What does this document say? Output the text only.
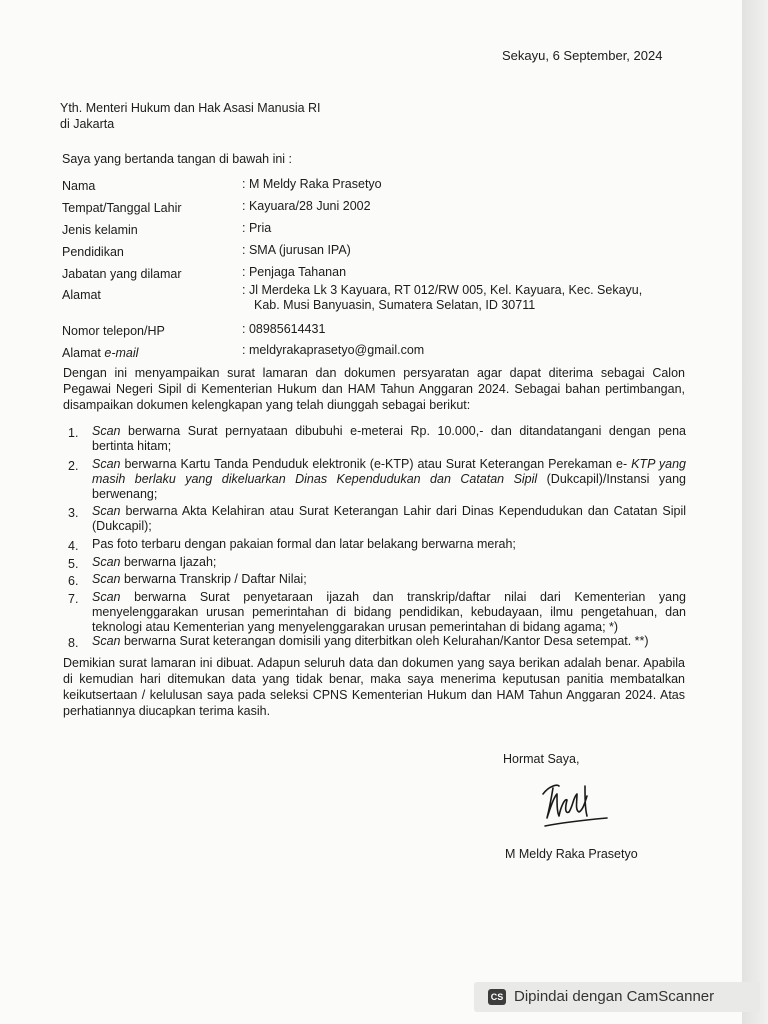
Sekayu, 6 September, 2024
Yth. Menteri Hukum dan Hak Asasi Manusia RI
di Jakarta
Saya yang bertanda tangan di bawah ini :
Nama	: M Meldy Raka Prasetyo
Tempat/Tanggal Lahir	: Kayuara/28 Juni 2002
Jenis kelamin	: Pria
Pendidikan	: SMA (jurusan IPA)
Jabatan yang dilamar	: Penjaga Tahanan
Alamat	: Jl Merdeka Lk 3 Kayuara, RT 012/RW 005, Kel. Kayuara, Kec. Sekayu,
Kab. Musi Banyuasin, Sumatera Selatan, ID 30711
Nomor telepon/HP	: 08985614431
Alamat e-mail	: meldyrakaprasetyo@gmail.com
Dengan ini menyampaikan surat lamaran dan dokumen persyaratan agar dapat diterima sebagai Calon Pegawai Negeri Sipil di Kementerian Hukum dan HAM Tahun Anggaran 2024. Sebagai bahan pertimbangan, disampaikan dokumen kelengkapan yang telah diunggah sebagai berikut:
1. Scan berwarna Surat pernyataan dibubuhi e-meterai Rp. 10.000,- dan ditandatangani dengan pena bertinta hitam;
2. Scan berwarna Kartu Tanda Penduduk elektronik (e-KTP) atau Surat Keterangan Perekaman e- KTP yang masih berlaku yang dikeluarkan Dinas Kependudukan dan Catatan Sipil (Dukcapil)/Instansi yang berwenang;
3. Scan berwarna Akta Kelahiran atau Surat Keterangan Lahir dari Dinas Kependudukan dan Catatan Sipil (Dukcapil);
4. Pas foto terbaru dengan pakaian formal dan latar belakang berwarna merah;
5. Scan berwarna Ijazah;
6. Scan berwarna Transkrip / Daftar Nilai;
7. Scan berwarna Surat penyetaraan ijazah dan transkrip/daftar nilai dari Kementerian yang menyelenggarakan urusan pemerintahan di bidang pendidikan, kebudayaan, ilmu pengetahuan, dan teknologi atau Kementerian yang menyelenggarakan urusan pemerintahan di bidang agama; *)
8. Scan berwarna Surat keterangan domisili yang diterbitkan oleh Kelurahan/Kantor Desa setempat. **)
Demikian surat lamaran ini dibuat. Adapun seluruh data dan dokumen yang saya berikan adalah benar. Apabila di kemudian hari ditemukan data yang tidak benar, maka saya menerima keputusan panitia membatalkan keikutsertaan / kelulusan saya pada seleksi CPNS Kementerian Hukum dan HAM Tahun Anggaran 2024. Atas perhatiannya diucapkan terima kasih.
Hormat Saya,
M Meldy Raka Prasetyo
CS Dipindai dengan CamScanner
